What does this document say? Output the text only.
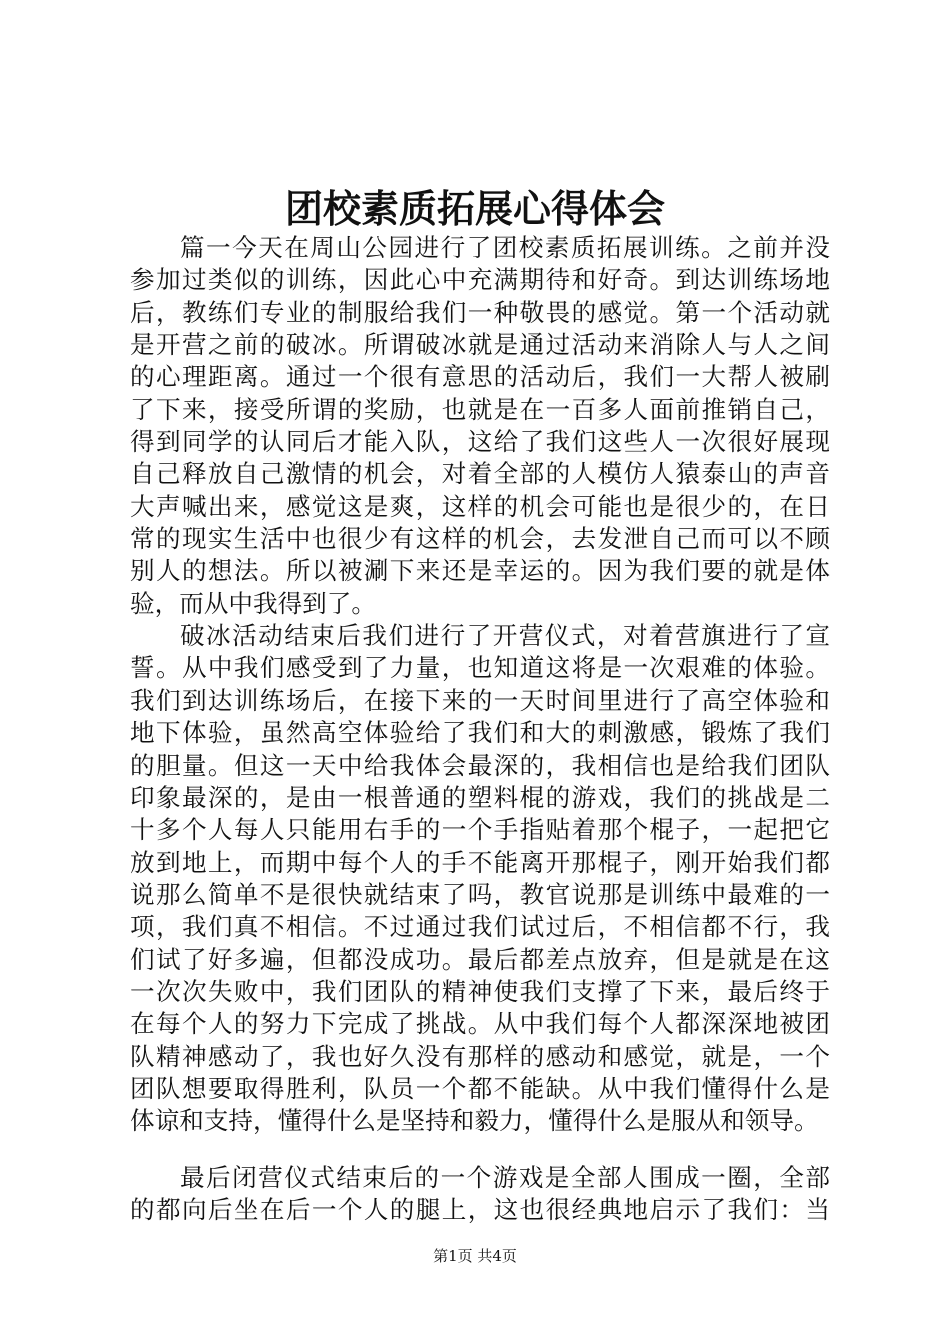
团校素质拓展心得体会
篇一今天在周山公园进行了团校素质拓展训练。之前并没
参加过类似的训练，因此心中充满期待和好奇。到达训练场地
后，教练们专业的制服给我们一种敬畏的感觉。第一个活动就
是开营之前的破冰。所谓破冰就是通过活动来消除人与人之间
的心理距离。通过一个很有意思的活动后，我们一大帮人被刷
了下来，接受所谓的奖励，也就是在一百多人面前推销自己，
得到同学的认同后才能入队，这给了我们这些人一次很好展现
自己释放自己激情的机会，对着全部的人模仿人猿泰山的声音
大声喊出来，感觉这是爽，这样的机会可能也是很少的，在日
常的现实生活中也很少有这样的机会，去发泄自己而可以不顾
别人的想法。所以被涮下来还是幸运的。因为我们要的就是体
验，而从中我得到了。
破冰活动结束后我们进行了开营仪式，对着营旗进行了宣
誓。从中我们感受到了力量，也知道这将是一次艰难的体验。
我们到达训练场后，在接下来的一天时间里进行了高空体验和
地下体验，虽然高空体验给了我们和大的刺激感，锻炼了我们
的胆量。但这一天中给我体会最深的，我相信也是给我们团队
印象最深的，是由一根普通的塑料棍的游戏，我们的挑战是二
十多个人每人只能用右手的一个手指贴着那个棍子，一起把它
放到地上，而期中每个人的手不能离开那棍子，刚开始我们都
说那么简单不是很快就结束了吗，教官说那是训练中最难的一
项，我们真不相信。不过通过我们试过后，不相信都不行，我
们试了好多遍，但都没成功。最后都差点放弃，但是就是在这
一次次失败中，我们团队的精神使我们支撑了下来，最后终于
在每个人的努力下完成了挑战。从中我们每个人都深深地被团
队精神感动了，我也好久没有那样的感动和感觉，就是，一个
团队想要取得胜利，队员一个都不能缺。从中我们懂得什么是
体谅和支持，懂得什么是坚持和毅力，懂得什么是服从和领导。
最后闭营仪式结束后的一个游戏是全部人围成一圈，全部
的都向后坐在后一个人的腿上，这也很经典地启示了我们：当
第1页 共4页
